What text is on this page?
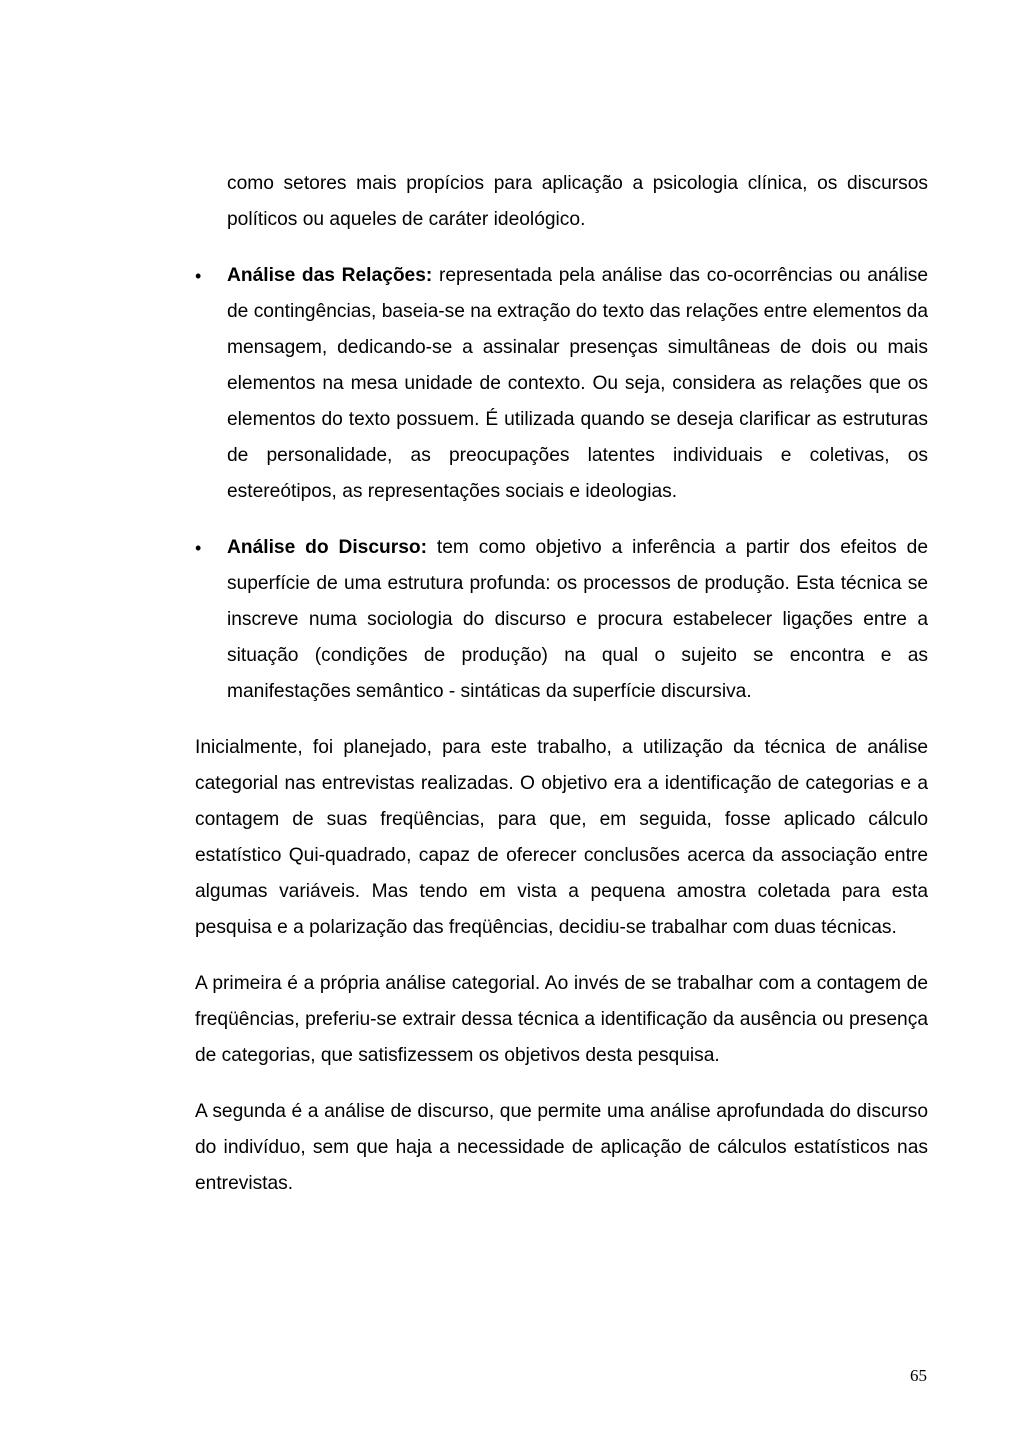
como setores mais propícios para aplicação a psicologia clínica, os discursos políticos ou aqueles de caráter ideológico.

•	Análise das Relações: representada pela análise das co-ocorrências ou análise de contingências, baseia-se na extração do texto das relações entre elementos da mensagem, dedicando-se a assinalar presenças simultâneas de dois ou mais elementos na mesa unidade de contexto. Ou seja, considera as relações que os elementos do texto possuem. É utilizada quando se deseja clarificar as estruturas de personalidade, as preocupações latentes individuais e coletivas, os estereótipos, as representações sociais e ideologias.
•	Análise do Discurso: tem como objetivo a inferência a partir dos efeitos de superfície de uma estrutura profunda: os processos de produção. Esta técnica se inscreve numa sociologia do discurso e procura estabelecer ligações entre a situação (condições de produção) na qual o sujeito se encontra e as manifestações semântico - sintáticas da superfície discursiva.

Inicialmente, foi planejado, para este trabalho, a utilização da técnica de análise categorial nas entrevistas realizadas. O objetivo era a identificação de categorias e a contagem de suas freqüências, para que, em seguida, fosse aplicado cálculo estatístico Qui-quadrado, capaz de oferecer conclusões acerca da associação entre algumas variáveis. Mas tendo em vista a pequena amostra coletada para esta pesquisa e a polarização das freqüências, decidiu-se trabalhar com duas técnicas.

A primeira é a própria análise categorial. Ao invés de se trabalhar com a contagem de freqüências, preferiu-se extrair dessa técnica a identificação da ausência ou presença de categorias, que satisfizessem os objetivos desta pesquisa.

A segunda é a análise de discurso, que permite uma análise aprofundada do discurso do indivíduo, sem que haja a necessidade de aplicação de cálculos estatísticos nas entrevistas.

65
